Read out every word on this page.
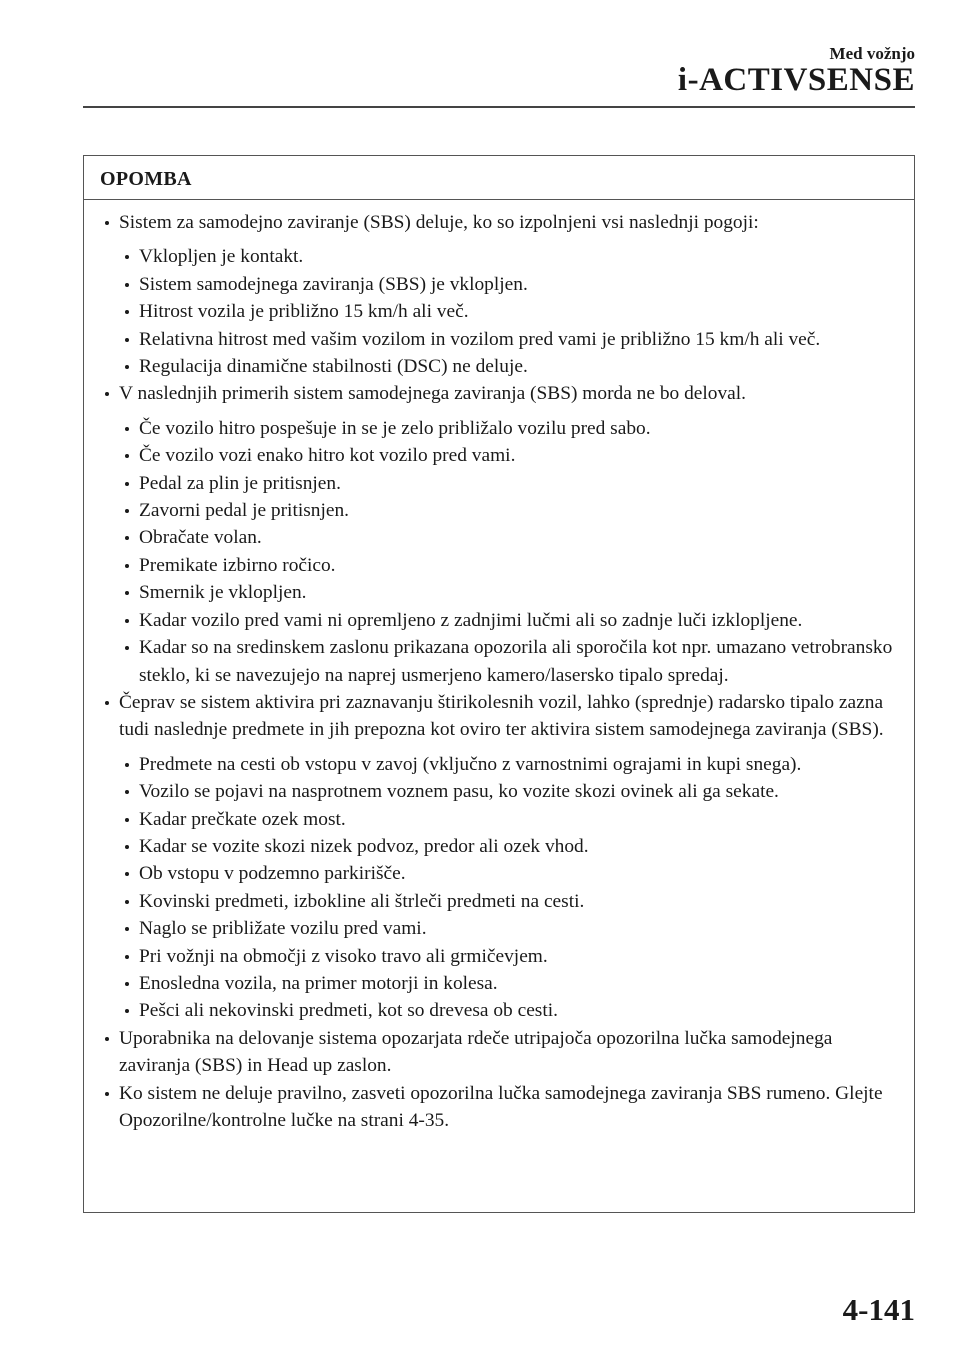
Med vožnjo
i-ACTIVSENSE
OPOMBA
Sistem za samodejno zaviranje (SBS) deluje, ko so izpolnjeni vsi naslednji pogoji:
Vklopljen je kontakt.
Sistem samodejnega zaviranja (SBS) je vklopljen.
Hitrost vozila je približno 15 km/h ali več.
Relativna hitrost med vašim vozilom in vozilom pred vami je približno 15 km/h ali več.
Regulacija dinamične stabilnosti (DSC) ne deluje.
V naslednjih primerih sistem samodejnega zaviranja (SBS) morda ne bo deloval.
Če vozilo hitro pospešuje in se je zelo približalo vozilu pred sabo.
Če vozilo vozi enako hitro kot vozilo pred vami.
Pedal za plin je pritisnjen.
Zavorni pedal je pritisnjen.
Obračate volan.
Premikate izbirno ročico.
Smernik je vklopljen.
Kadar vozilo pred vami ni opremljeno z zadnjimi lučmi ali so zadnje luči izklopljene.
Kadar so na sredinskem zaslonu prikazana opozorila ali sporočila kot npr. umazano vetrobransko steklo, ki se navezujejo na naprej usmerjeno kamero/lasersko tipalo spredaj.
Čeprav se sistem aktivira pri zaznavanju štirikolesnih vozil, lahko (sprednje) radarsko tipalo zazna tudi naslednje predmete in jih prepozna kot oviro ter aktivira sistem samodejnega zaviranja (SBS).
Predmete na cesti ob vstopu v zavoj (vključno z varnostnimi ograjami in kupi snega).
Vozilo se pojavi na nasprotnem voznem pasu, ko vozite skozi ovinek ali ga sekate.
Kadar prečkate ozek most.
Kadar se vozite skozi nizek podvoz, predor ali ozek vhod.
Ob vstopu v podzemno parkirišče.
Kovinski predmeti, izbokline ali štrleči predmeti na cesti.
Naglo se približate vozilu pred vami.
Pri vožnji na območji z visoko travo ali grmičevjem.
Enosledna vozila, na primer motorji in kolesa.
Pešci ali nekovinski predmeti, kot so drevesa ob cesti.
Uporabnika na delovanje sistema opozarjata rdeče utripajoča opozorilna lučka samodejnega zaviranja (SBS) in Head up zaslon.
Ko sistem ne deluje pravilno, zasveti opozorilna lučka samodejnega zaviranja SBS rumeno. Glejte Opozorilne/kontrolne lučke na strani 4-35.
4-141
